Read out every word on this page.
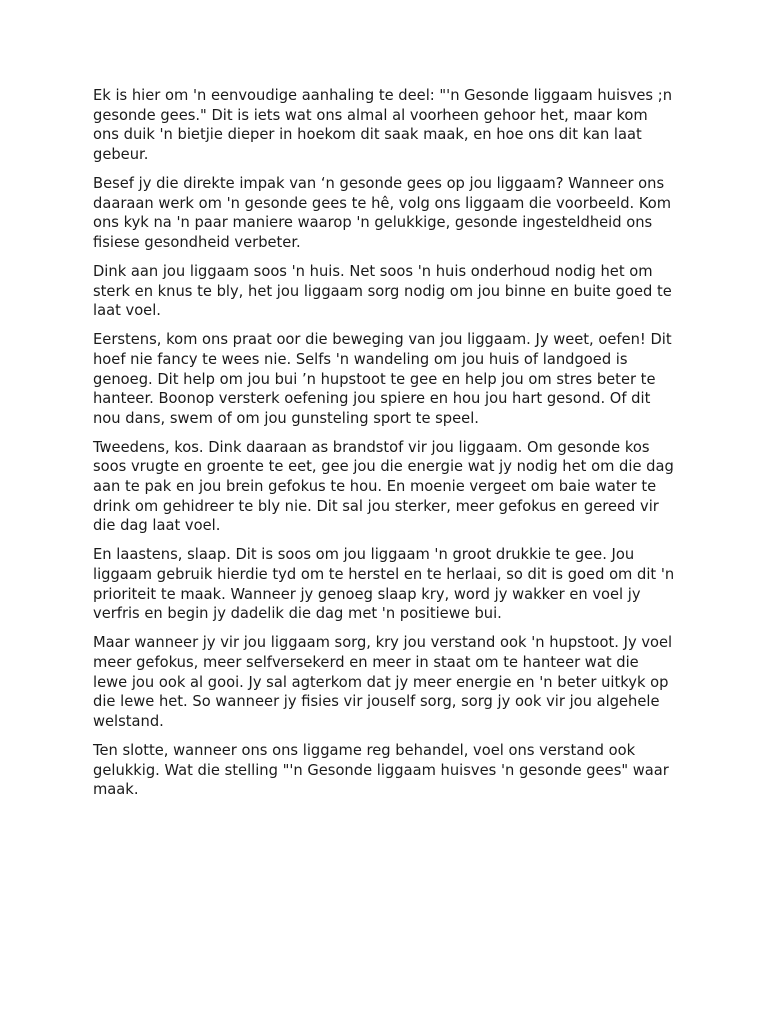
Ek is hier om 'n eenvoudige aanhaling te deel: "'n Gesonde liggaam huisves ;n gesonde gees." Dit is iets wat ons almal al voorheen gehoor het, maar kom ons duik 'n bietjie dieper in hoekom dit saak maak, en hoe ons dit kan laat gebeur.

Besef jy die direkte impak van ‘n gesonde gees op jou liggaam? Wanneer ons daaraan werk om 'n gesonde gees te hê, volg ons liggaam die voorbeeld. Kom ons kyk na 'n paar maniere waarop 'n gelukkige, gesonde ingesteldheid ons fisiese gesondheid verbeter.

Dink aan jou liggaam soos 'n huis. Net soos 'n huis onderhoud nodig het om sterk en knus te bly, het jou liggaam sorg nodig om jou binne en buite goed te laat voel.

Eerstens, kom ons praat oor die beweging van jou liggaam. Jy weet, oefen! Dit hoef nie fancy te wees nie. Selfs 'n wandeling om jou huis of landgoed is genoeg. Dit help om jou bui ’n hupstoot te gee en help jou om stres beter te hanteer. Boonop versterk oefening jou spiere en hou jou hart gesond. Of dit nou dans, swem of om jou gunsteling sport te speel.

Tweedens, kos. Dink daaraan as brandstof vir jou liggaam. Om gesonde kos soos vrugte en groente te eet, gee jou die energie wat jy nodig het om die dag aan te pak en jou brein gefokus te hou. En moenie vergeet om baie water te drink om gehidreer te bly nie. Dit sal jou sterker, meer gefokus en gereed vir die dag laat voel.

En laastens, slaap. Dit is soos om jou liggaam 'n groot drukkie te gee. Jou liggaam gebruik hierdie tyd om te herstel en te herlaai, so dit is goed om dit 'n prioriteit te maak. Wanneer jy genoeg slaap kry, word jy wakker en voel jy verfris en begin jy dadelik die dag met 'n positiewe bui.

Maar wanneer jy vir jou liggaam sorg, kry jou verstand ook 'n hupstoot. Jy voel meer gefokus, meer selfversekerd en meer in staat om te hanteer wat die lewe jou ook al gooi. Jy sal agterkom dat jy meer energie en 'n beter uitkyk op die lewe het. So wanneer jy fisies vir jouself sorg, sorg jy ook vir jou algehele welstand.

Ten slotte, wanneer ons ons liggame reg behandel, voel ons verstand ook gelukkig. Wat die stelling "'n Gesonde liggaam huisves 'n gesonde gees" waar maak.
